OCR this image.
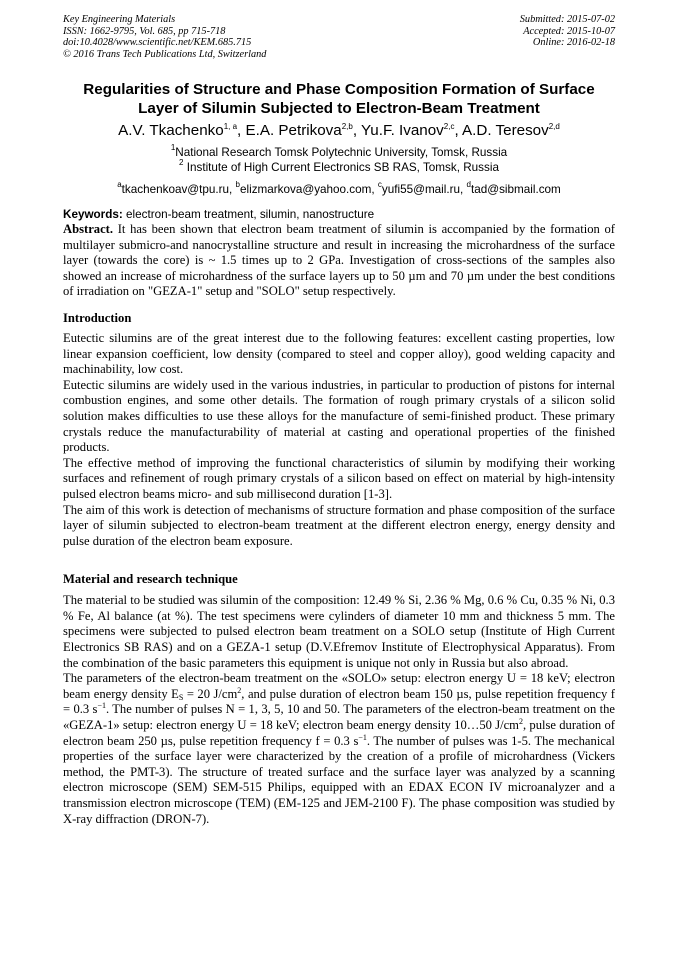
Key Engineering Materials
ISSN: 1662-9795, Vol. 685, pp 715-718
doi:10.4028/www.scientific.net/KEM.685.715
© 2016 Trans Tech Publications Ltd, Switzerland
Submitted: 2015-07-02
Accepted: 2015-10-07
Online: 2016-02-18
Regularities of Structure and Phase Composition Formation of Surface
Layer of Silumin Subjected to Electron-Beam Treatment
A.V. Tkachenko$^{1, a}$, E.A. Petrikova$^{2,b}$, Yu.F. Ivanov$^{2,c}$, A.D. Teresov$^{2,d}$
$^1$National Research Tomsk Polytechnic University, Tomsk, Russia
$^2$ Institute of High Current Electronics SB RAS, Tomsk, Russia
$^a$tkachenkoav@tpu.ru, $^b$elizmarkova@yahoo.com, $^c$yufi55@mail.ru, $^d$tad@sibmail.com
Keywords: electron-beam treatment, silumin, nanostructure

Abstract. It has been shown that electron beam treatment of silumin is accompanied by the formation of multilayer submicro-and nanocrystalline structure and result in increasing the microhardness of the surface layer (towards the core) is ~ 1.5 times up to 2 GPa. Investigation of cross-sections of the samples also showed an increase of microhardness of the surface layers up to 50 µm and 70 µm under the best conditions of irradiation on "GEZA-1" setup and "SOLO" setup respectively.

Introduction

Eutectic silumins are of the great interest due to the following features: excellent casting properties, low linear expansion coefficient, low density (compared to steel and copper alloy), good welding capacity and machinability, low cost.

Eutectic silumins are widely used in the various industries, in particular to production of pistons for internal combustion engines, and some other details. The formation of rough primary crystals of a silicon solid solution makes difficulties to use these alloys for the manufacture of semi-finished product. These primary crystals reduce the manufacturability of material at casting and operational properties of the finished products.

The effective method of improving the functional characteristics of silumin by modifying their working surfaces and refinement of rough primary crystals of a silicon based on effect on material by high-intensity pulsed electron beams micro- and sub millisecond duration [1-3].

The aim of this work is detection of mechanisms of structure formation and phase composition of the surface layer of silumin subjected to electron-beam treatment at the different electron energy, energy density and pulse duration of the electron beam exposure.

Material and research technique

The material to be studied was silumin of the composition: 12.49 % Si, 2.36 % Mg, 0.6 % Cu, 0.35 % Ni, 0.3 % Fe, Al balance (at %). The test specimens were cylinders of diameter 10 mm and thickness 5 mm. The specimens were subjected to pulsed electron beam treatment on a SOLO setup (Institute of High Current Electronics SB RAS) and on a GEZA-1 setup (D.V.Efremov Institute of Electrophysical Apparatus). From the combination of the basic parameters this equipment is unique not only in Russia but also abroad.

The parameters of the electron-beam treatment on the «SOLO» setup: electron energy U = 18 keV; electron beam energy density $E_S = 20$ $J/cm^2$, and pulse duration of electron beam 150 µs, pulse repetition frequency f = 0.3 $s^{-1}$. The number of pulses N = 1, 3, 5, 10 and 50. The parameters of the electron-beam treatment on the «GEZA-1» setup: electron energy U = 18 keV; electron beam energy density 10…50 $J/cm^2$, pulse duration of electron beam 250 µs, pulse repetition frequency f = 0.3 $s^{-1}$. The number of pulses was 1-5. The mechanical properties of the surface layer were characterized by the creation of a profile of microhardness (Vickers method, the PMT-3). The structure of treated surface and the surface layer was analyzed by a scanning electron microscope (SEM) SEM-515 Philips, equipped with an EDAX ECON IV microanalyzer and a transmission electron microscope (TEM) (EM-125 and JEM-2100 F). The phase composition was studied by X-ray diffraction (DRON-7).
